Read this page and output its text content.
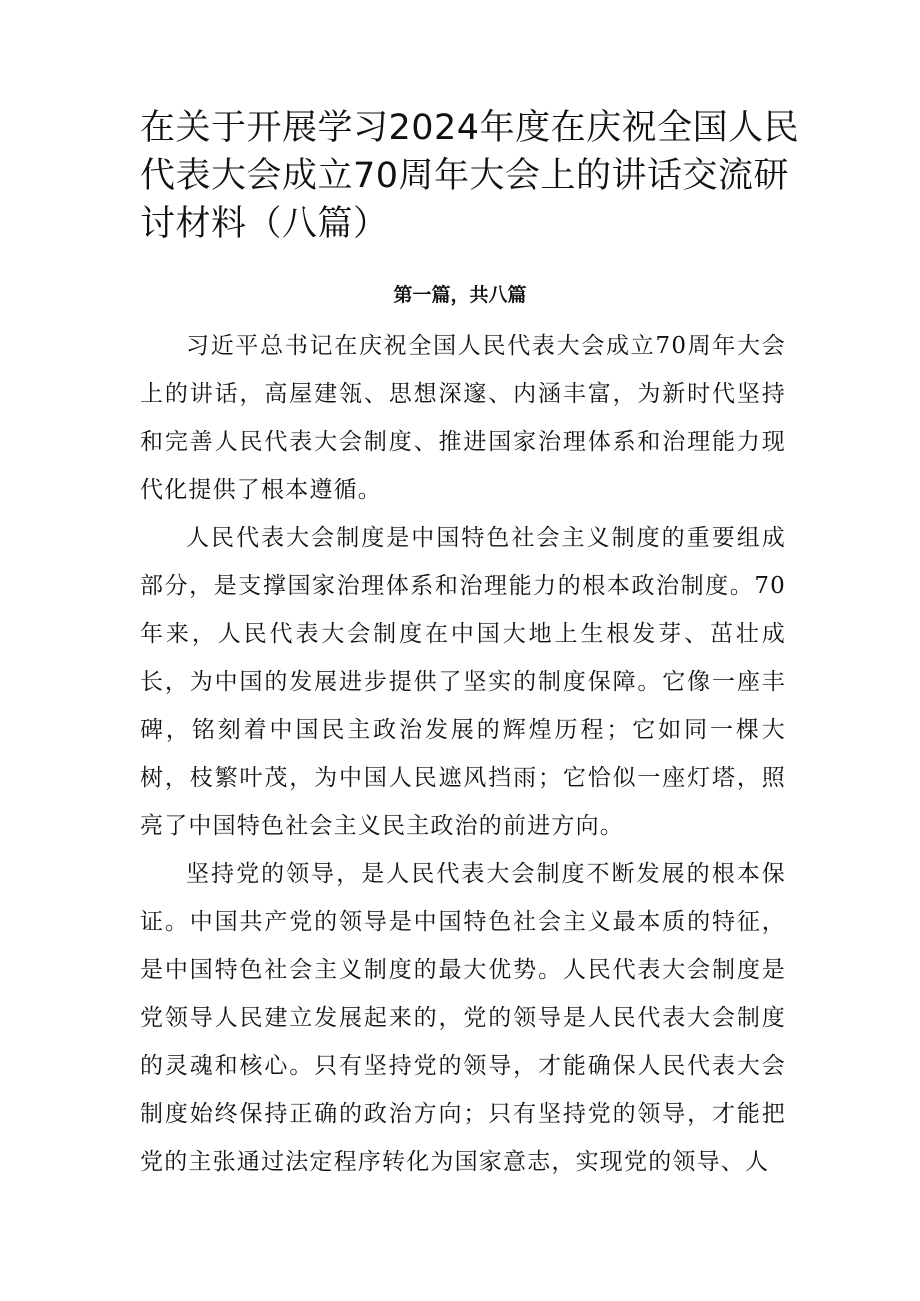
在关于开展学习2024年度在庆祝全国人民代表大会成立70周年大会上的讲话交流研讨材料（八篇）
第一篇，共八篇

习近平总书记在庆祝全国人民代表大会成立70周年大会上的讲话，高屋建瓴、思想深邃、内涵丰富，为新时代坚持和完善人民代表大会制度、推进国家治理体系和治理能力现代化提供了根本遵循。

人民代表大会制度是中国特色社会主义制度的重要组成部分，是支撑国家治理体系和治理能力的根本政治制度。70年来，人民代表大会制度在中国大地上生根发芽、茁壮成长，为中国的发展进步提供了坚实的制度保障。它像一座丰碑，铭刻着中国民主政治发展的辉煌历程；它如同一棵大树，枝繁叶茂，为中国人民遮风挡雨；它恰似一座灯塔，照亮了中国特色社会主义民主政治的前进方向。

坚持党的领导，是人民代表大会制度不断发展的根本保证。中国共产党的领导是中国特色社会主义最本质的特征，是中国特色社会主义制度的最大优势。人民代表大会制度是党领导人民建立发展起来的，党的领导是人民代表大会制度的灵魂和核心。只有坚持党的领导，才能确保人民代表大会制度始终保持正确的政治方向；只有坚持党的领导，才能把党的主张通过法定程序转化为国家意志，实现党的领导、人
